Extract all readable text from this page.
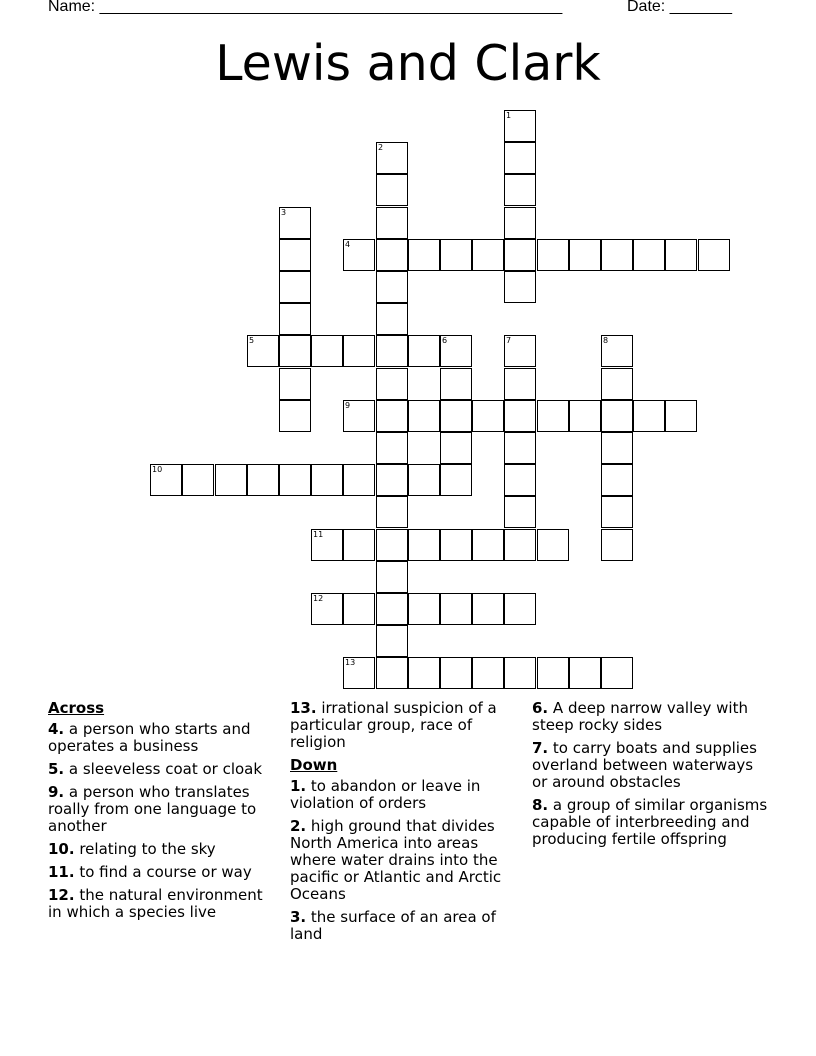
Name: ____________________________________________________	Date: _______
Lewis and Clark
1
2
3
4
5	6	7	8
9
10
11
12
13
Across
4. a person who starts and operates a business
5. a sleeveless coat or cloak
9. a person who translates roally from one language to another
10. relating to the sky
11. to find a course or way
12. the natural environment in which a species live
13. irrational suspicion of a particular group, race of religion
Down
1. to abandon or leave in violation of orders
2. high ground that divides North America into areas where water drains into the pacific or Atlantic and Arctic Oceans
3. the surface of an area of land
6. A deep narrow valley with steep rocky sides
7. to carry boats and supplies overland between waterways or around obstacles
8. a group of similar organisms capable of interbreeding and producing fertile offspring
